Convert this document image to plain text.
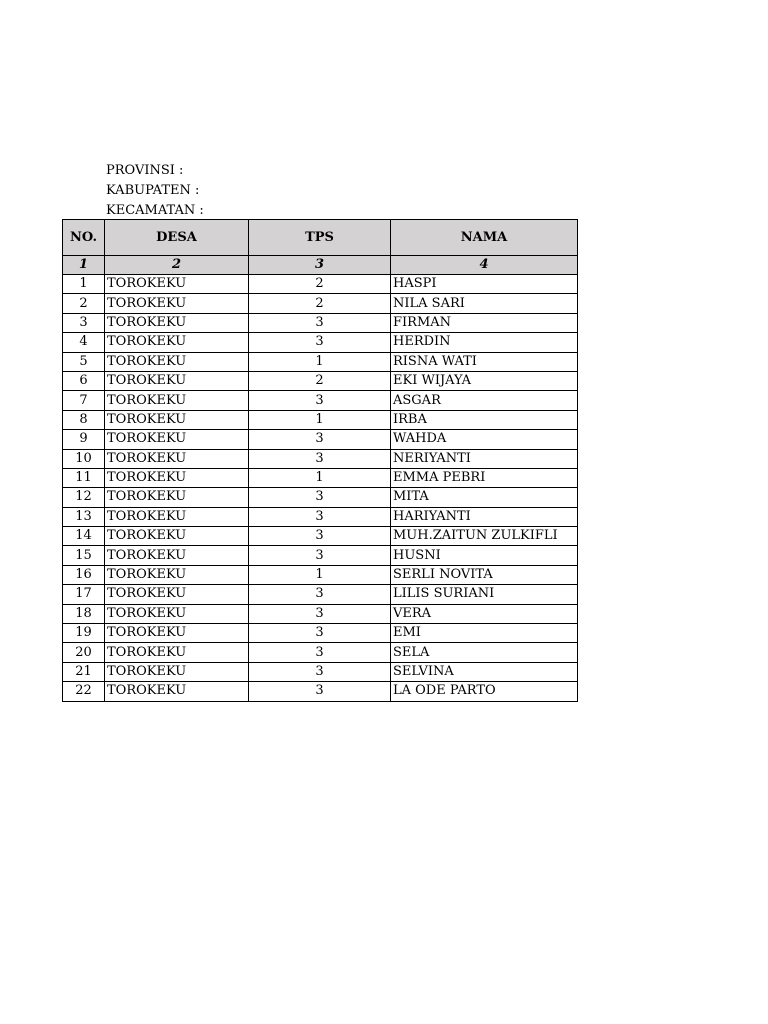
PROVINSI :
KABUPATEN :
KECAMATAN :
NO.	DESA	TPS	NAMA
1	2	3	4
1	TOROKEKU	2	HASPI
2	TOROKEKU	2	NILA SARI
3	TOROKEKU	3	FIRMAN
4	TOROKEKU	3	HERDIN
5	TOROKEKU	1	RISNA WATI
6	TOROKEKU	2	EKI WIJAYA
7	TOROKEKU	3	ASGAR
8	TOROKEKU	1	IRBA
9	TOROKEKU	3	WAHDA
10	TOROKEKU	3	NERIYANTI
11	TOROKEKU	1	EMMA PEBRI
12	TOROKEKU	3	MITA
13	TOROKEKU	3	HARIYANTI
14	TOROKEKU	3	MUH.ZAITUN ZULKIFLI
15	TOROKEKU	3	HUSNI
16	TOROKEKU	1	SERLI NOVITA
17	TOROKEKU	3	LILIS SURIANI
18	TOROKEKU	3	VERA
19	TOROKEKU	3	EMI
20	TOROKEKU	3	SELA
21	TOROKEKU	3	SELVINA
22	TOROKEKU	3	LA ODE PARTO
